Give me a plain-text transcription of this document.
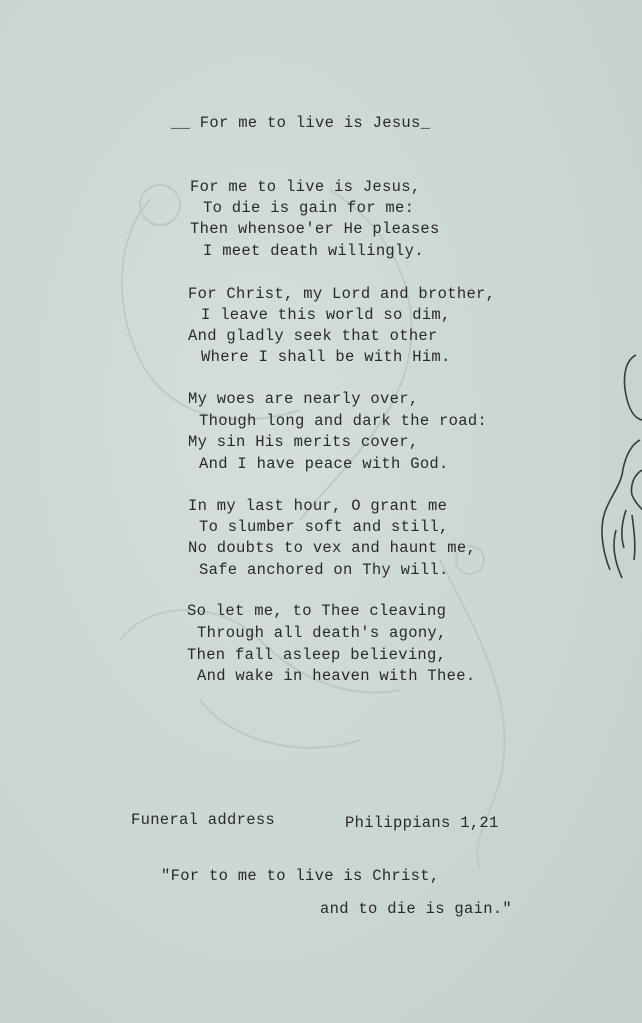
__ For me to live is Jesus_
For me to live is Jesus,
To die is gain for me:
Then whensoe'er He pleases
I meet death willingly.
For Christ, my Lord and brother,
I leave this world so dim,
And gladly seek that other
Where I shall be with Him.
My woes are nearly over,
Though long and dark the road:
My sin His merits cover,
And I have peace with God.
In my last hour, O grant me
To slumber soft and still,
No doubts to vex and haunt me,
Safe anchored on Thy will.
So let me, to Thee cleaving
Through all death's agony,
Then fall asleep believing,
And wake in heaven with Thee.
Funeral address	Philippians 1,21
"For to me to live is Christ,
and to die is gain."
